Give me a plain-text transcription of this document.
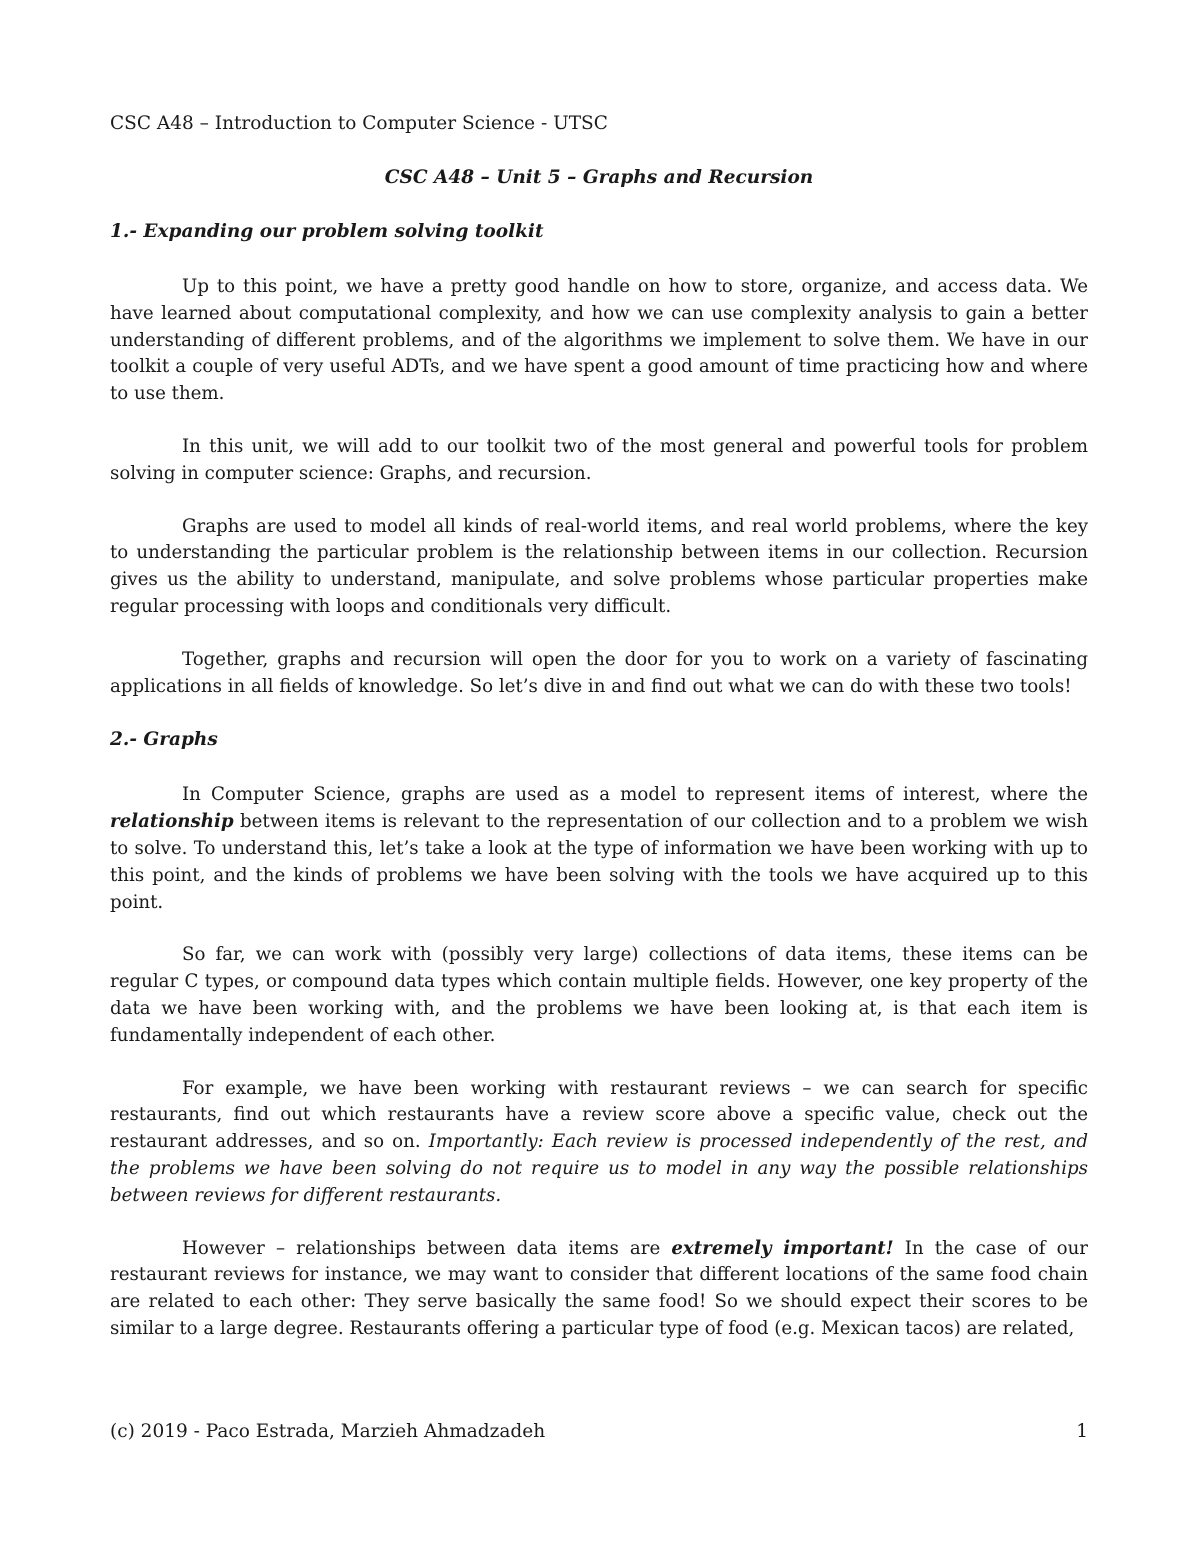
CSC A48 – Introduction to Computer Science - UTSC

CSC A48 – Unit 5 – Graphs and Recursion

1.- Expanding our problem solving toolkit

Up to this point, we have a pretty good handle on how to store, organize, and access data. We have learned about computational complexity, and how we can use complexity analysis to gain a better understanding of different problems, and of the algorithms we implement to solve them. We have in our toolkit a couple of very useful ADTs, and we have spent a good amount of time practicing how and where to use them.

In this unit, we will add to our toolkit two of the most general and powerful tools for problem solving in computer science: Graphs, and recursion.

Graphs are used to model all kinds of real-world items, and real world problems, where the key to understanding the particular problem is the relationship between items in our collection. Recursion gives us the ability to understand, manipulate, and solve problems whose particular properties make regular processing with loops and conditionals very difficult.

Together, graphs and recursion will open the door for you to work on a variety of fascinating applications in all fields of knowledge. So let’s dive in and find out what we can do with these two tools!

2.- Graphs

In Computer Science, graphs are used as a model to represent items of interest, where the relationship between items is relevant to the representation of our collection and to a problem we wish to solve. To understand this, let’s take a look at the type of information we have been working with up to this point, and the kinds of problems we have been solving with the tools we have acquired up to this point.

So far, we can work with (possibly very large) collections of data items, these items can be regular C types, or compound data types which contain multiple fields. However, one key property of the data we have been working with, and the problems we have been looking at, is that each item is fundamentally independent of each other.

For example, we have been working with restaurant reviews – we can search for specific restaurants, find out which restaurants have a review score above a specific value, check out the restaurant addresses, and so on. Importantly: Each review is processed independently of the rest, and the problems we have been solving do not require us to model in any way the possible relationships between reviews for different restaurants.

However – relationships between data items are extremely important! In the case of our restaurant reviews for instance, we may want to consider that different locations of the same food chain are related to each other: They serve basically the same food! So we should expect their scores to be similar to a large degree. Restaurants offering a particular type of food (e.g. Mexican tacos) are related,

(c) 2019 - Paco Estrada, Marzieh Ahmadzadeh	1
